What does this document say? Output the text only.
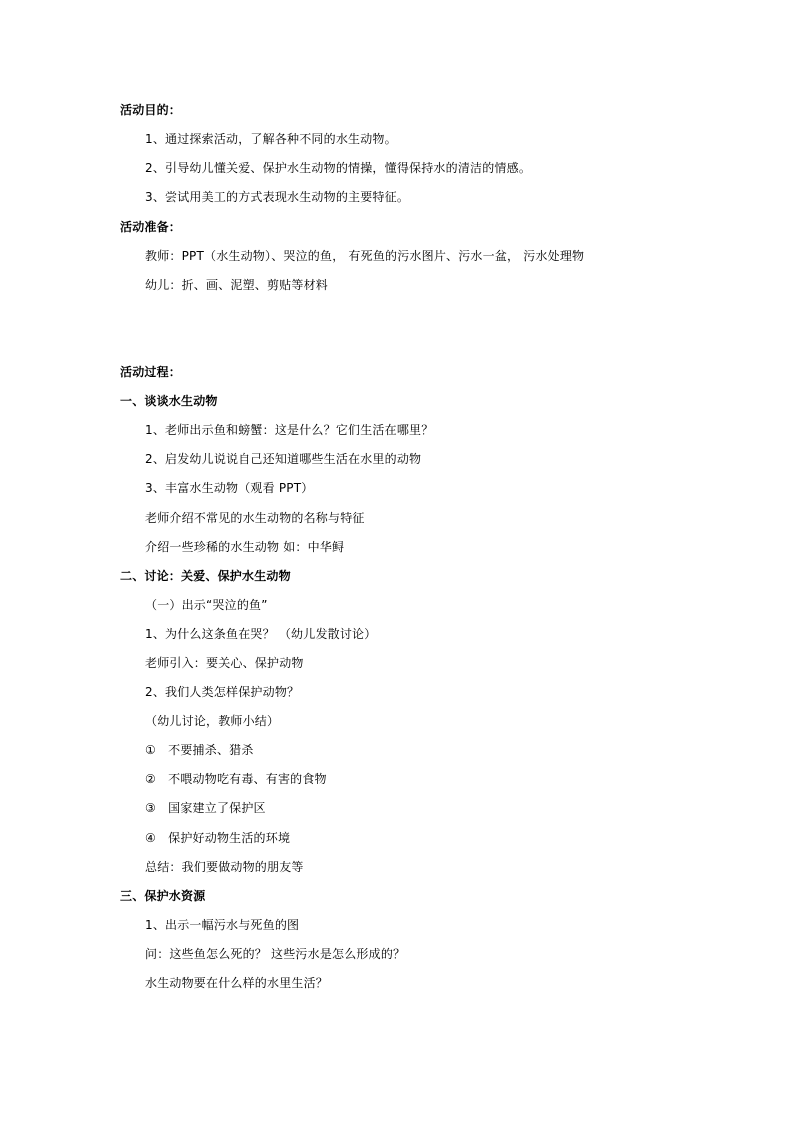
活动目的：
1、通过探索活动，了解各种不同的水生动物。
2、引导幼儿懂关爱、保护水生动物的情操，懂得保持水的清洁的情感。
3、尝试用美工的方式表现水生动物的主要特征。
活动准备：
教师：PPT（水生动物）、哭泣的鱼， 有死鱼的污水图片、污水一盆， 污水处理物
幼儿：折、画、泥塑、剪贴等材料
活动过程：
一、谈谈水生动物
1、老师出示鱼和螃蟹：这是什么？它们生活在哪里？
2、启发幼儿说说自己还知道哪些生活在水里的动物
3、丰富水生动物（观看 PPT）
老师介绍不常见的水生动物的名称与特征
介绍一些珍稀的水生动物 如：中华鲟
二、讨论：关爱、保护水生动物
（一）出示“哭泣的鱼”
1、为什么这条鱼在哭？ （幼儿发散讨论）
老师引入：要关心、保护动物
2、我们人类怎样保护动物？
（幼儿讨论，教师小结）
①　不要捕杀、猎杀
②　不喂动物吃有毒、有害的食物
③　国家建立了保护区
④　保护好动物生活的环境
总结：我们要做动物的朋友等
三、保护水资源
1、出示一幅污水与死鱼的图
问：这些鱼怎么死的？ 这些污水是怎么形成的？
水生动物要在什么样的水里生活？
